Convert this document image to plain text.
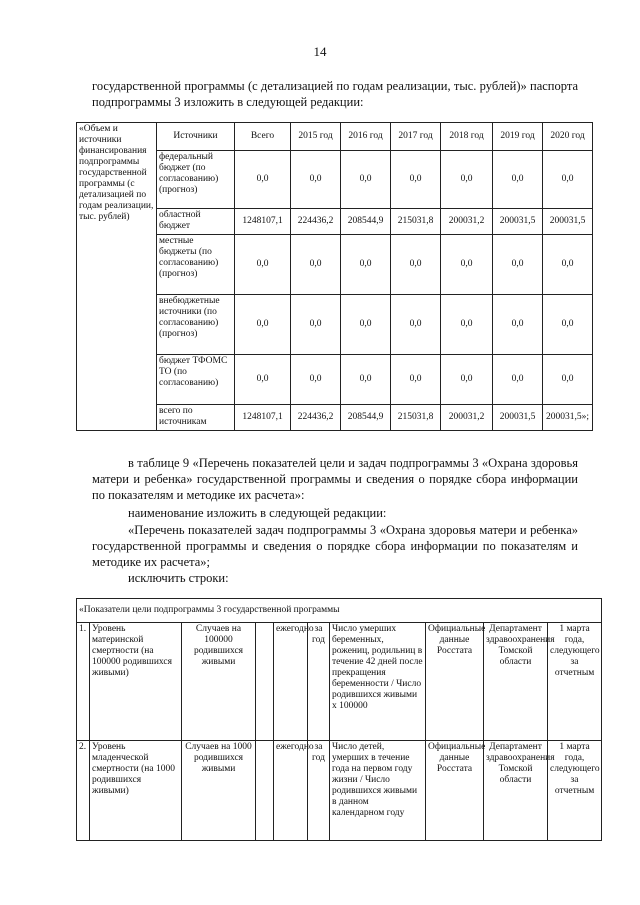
14
государственной программы (с детализацией по годам реализации, тыс. рублей)» паспорта подпрограммы 3 изложить в следующей редакции:
«Объем и источники финансирования подпрограммы государственной программы (с детализацией по годам реализации, тыс. рублей)	Источники	Всего	2015 год	2016 год	2017 год	2018 год	2019 год	2020 год
	федеральный бюджет (по согласованию) (прогноз)	0,0	0,0	0,0	0,0	0,0	0,0	0,0
	областной бюджет	1248107,1	224436,2	208544,9	215031,8	200031,2	200031,5	200031,5
	местные бюджеты (по согласованию) (прогноз)	0,0	0,0	0,0	0,0	0,0	0,0	0,0
	внебюджетные источники (по согласованию) (прогноз)	0,0	0,0	0,0	0,0	0,0	0,0	0,0
	бюджет ТФОМС ТО (по согласованию)	0,0	0,0	0,0	0,0	0,0	0,0	0,0
	всего по источникам	1248107,1	224436,2	208544,9	215031,8	200031,2	200031,5	200031,5»;
в таблице 9 «Перечень показателей цели и задач подпрограммы 3 «Охрана здоровья матери и ребенка» государственной программы и сведения о порядке сбора информации по показателям и методике их расчета»:
наименование изложить в следующей редакции:
«Перечень показателей задач подпрограммы 3 «Охрана здоровья матери и ребенка» государственной программы и сведения о порядке сбора информации по показателям и методике их расчета»;
исключить строки:
«Показатели цели подпрограммы 3 государственной программы									
1.	Уровень материнской смертности (на 100000 родившихся живыми)	Случаев на 100000 родившихся живыми		ежегодно	за год	Число умерших беременных, рожениц, родильниц в течение 42 дней после прекращения беременности / Число родившихся живыми x 100000	Официальные данные Росстата	Департамент здравоохранения Томской области	1 марта года, следующего за отчетным
2.	Уровень младенческой смертности (на 1000 родившихся живыми)	Случаев на 1000 родившихся живыми		ежегодно	за год	Число детей, умерших в течение года на первом году жизни / Число родившихся живыми в данном календарном году	Официальные данные Росстата	Департамент здравоохранения Томской области	1 марта года, следующего за отчетным
